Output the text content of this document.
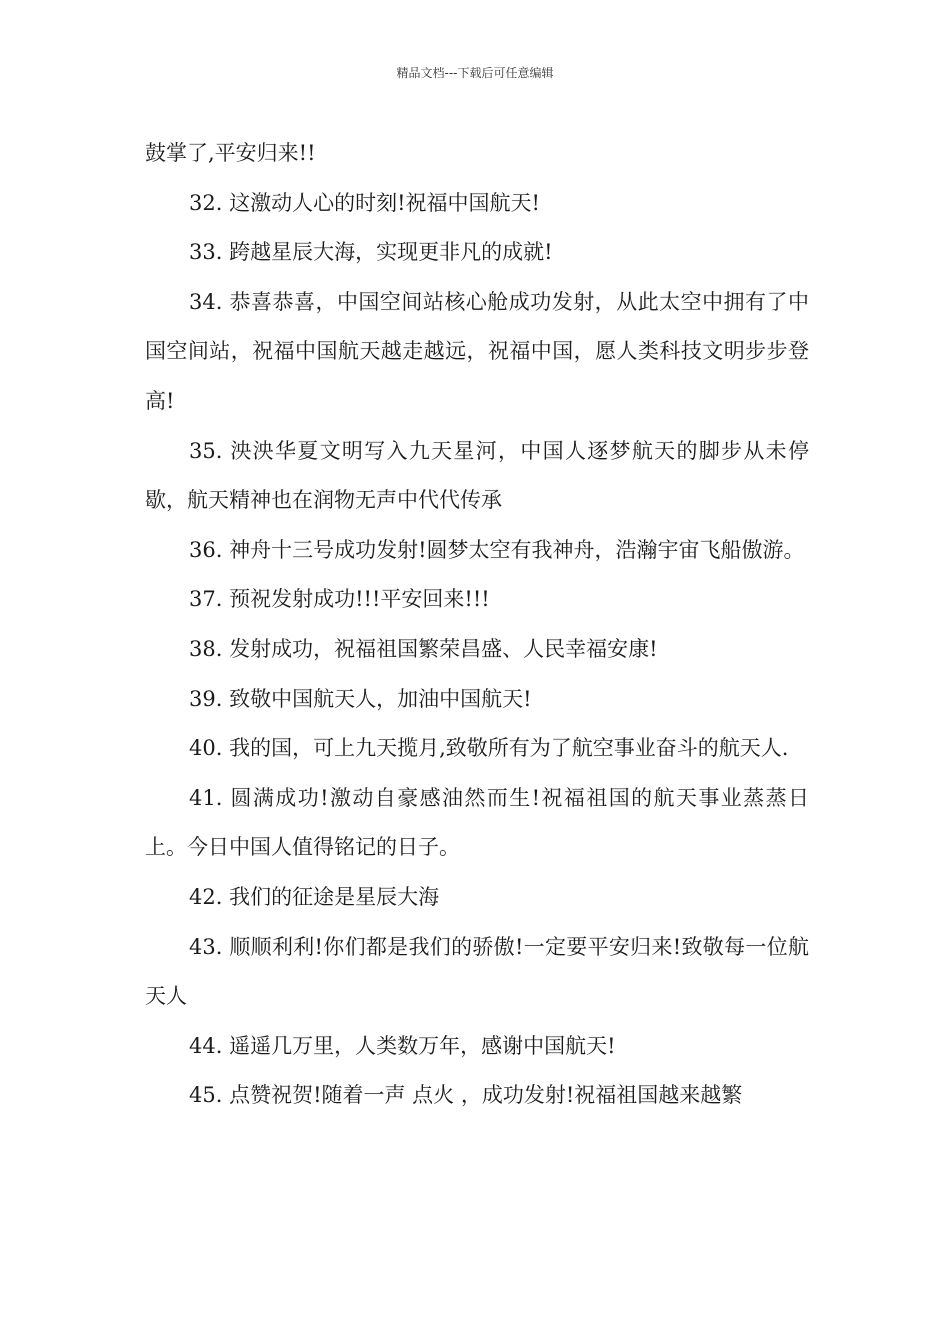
精品文档---下载后可任意编辑

鼓掌了,平安归来!!

32. 这激动人心的时刻!祝福中国航天!

33. 跨越星辰大海，实现更非凡的成就!

34. 恭喜恭喜，中国空间站核心舱成功发射，从此太空中拥有了中国空间站，祝福中国航天越走越远，祝福中国，愿人类科技文明步步登高!

35. 泱泱华夏文明写入九天星河，中国人逐梦航天的脚步从未停歇，航天精神也在润物无声中代代传承

36. 神舟十三号成功发射!圆梦太空有我神舟，浩瀚宇宙飞船傲游。

37. 预祝发射成功!!!平安回来!!!

38. 发射成功，祝福祖国繁荣昌盛、人民幸福安康!

39. 致敬中国航天人，加油中国航天!

40. 我的国，可上九天揽月,致敬所有为了航空事业奋斗的航天人.

41. 圆满成功!激动自豪感油然而生!祝福祖国的航天事业蒸蒸日上。今日中国人值得铭记的日子。

42. 我们的征途是星辰大海

43. 顺顺利利!你们都是我们的骄傲!一定要平安归来!致敬每一位航天人

44. 遥遥几万里，人类数万年，感谢中国航天!

45. 点赞祝贺!随着一声 点火 ，成功发射!祝福祖国越来越繁
